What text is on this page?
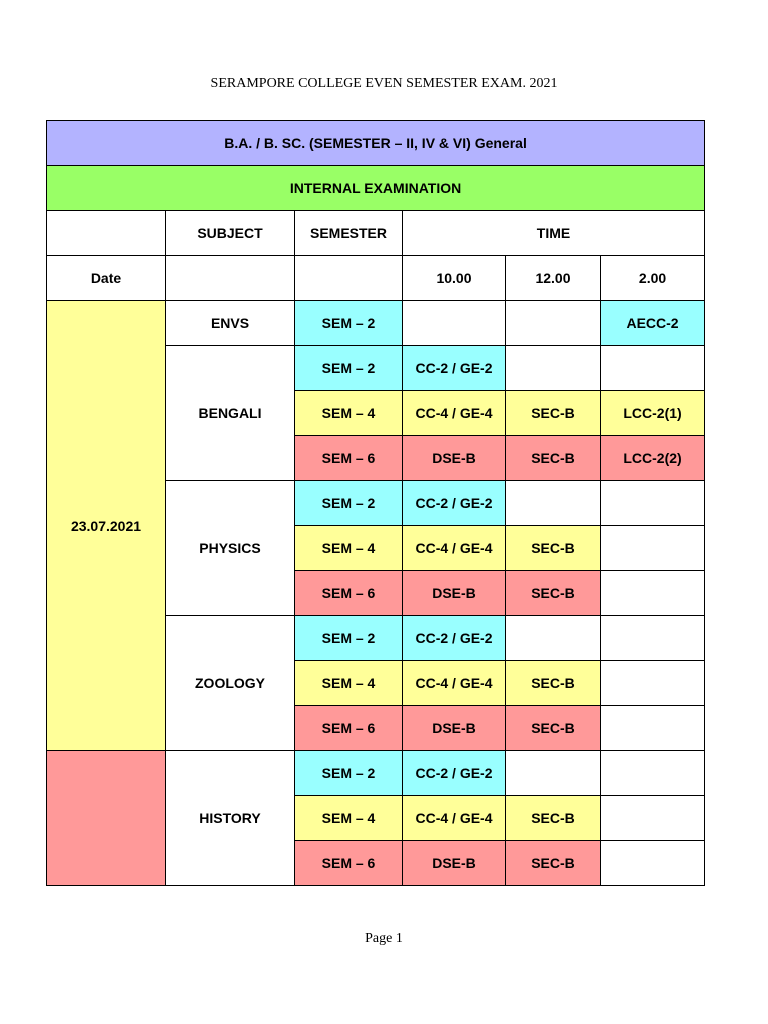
SERAMPORE COLLEGE EVEN SEMESTER EXAM. 2021
B.A. / B. SC. (SEMESTER – II, IV & VI) General					
INTERNAL EXAMINATION					
	SUBJECT	SEMESTER	TIME		
Date			10.00	12.00	2.00
23.07.2021	ENVS	SEM – 2			AECC-2
	BENGALI	SEM – 2	CC-2 / GE-2		
		SEM – 4	CC-4 / GE-4	SEC-B	LCC-2(1)
		SEM – 6	DSE-B	SEC-B	LCC-2(2)
	PHYSICS	SEM – 2	CC-2 / GE-2		
		SEM – 4	CC-4 / GE-4	SEC-B	
		SEM – 6	DSE-B	SEC-B	
	ZOOLOGY	SEM – 2	CC-2 / GE-2		
		SEM – 4	CC-4 / GE-4	SEC-B	
		SEM – 6	DSE-B	SEC-B	
	HISTORY	SEM – 2	CC-2 / GE-2		
		SEM – 4	CC-4 / GE-4	SEC-B	
		SEM – 6	DSE-B	SEC-B	
Page 1
